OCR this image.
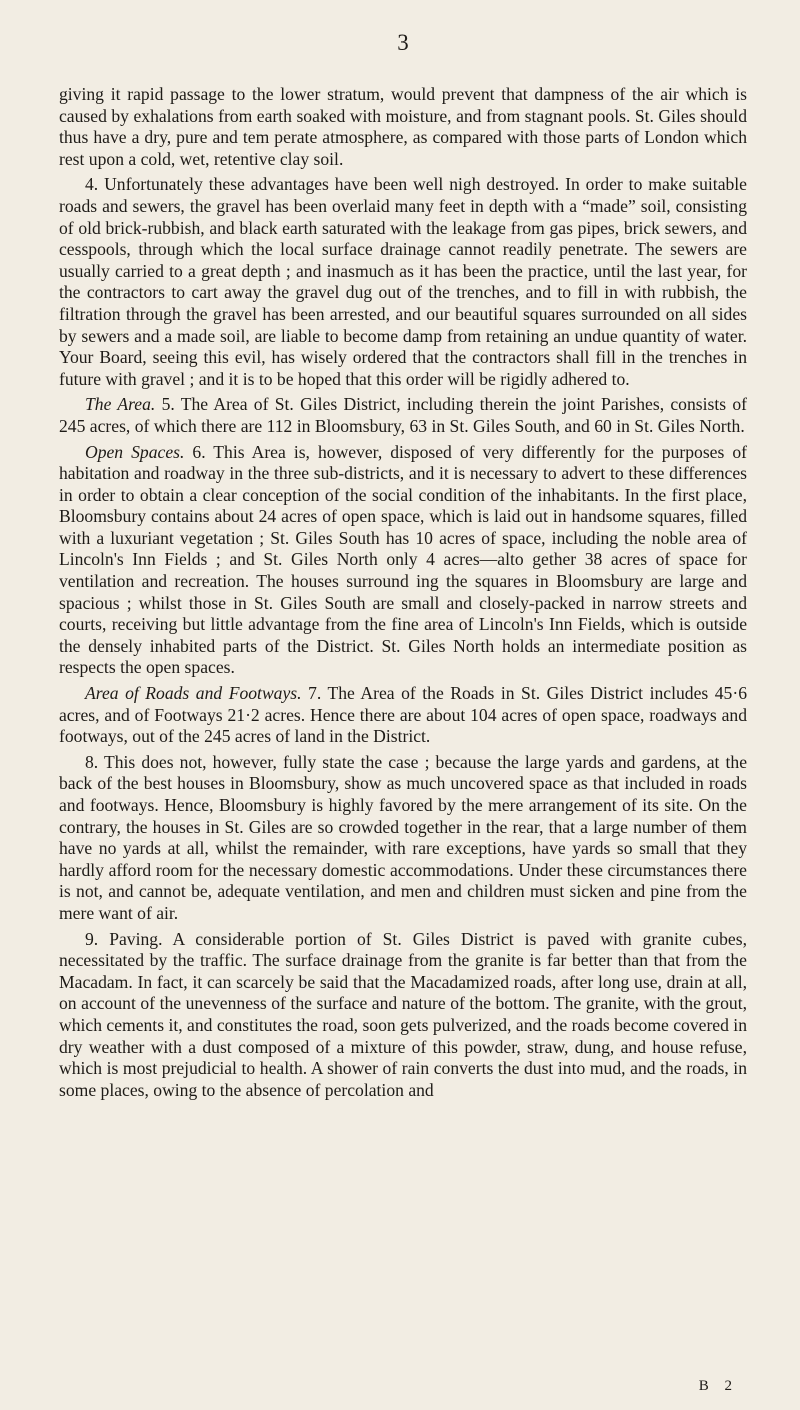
3

giving it rapid passage to the lower stratum, would prevent that dampness of the air which is caused by exhalations from earth soaked with moisture, and from stagnant pools. St. Giles should thus have a dry, pure and tem perate atmosphere, as compared with those parts of London which rest upon a cold, wet, retentive clay soil.

4. Unfortunately these advantages have been well nigh destroyed. In order to make suitable roads and sewers, the gravel has been overlaid many feet in depth with a “made” soil, consisting of old brick-rubbish, and black earth saturated with the leakage from gas pipes, brick sewers, and cesspools, through which the local surface drainage cannot readily penetrate. The sewers are usually carried to a great depth ; and inasmuch as it has been the practice, until the last year, for the contractors to cart away the gravel dug out of the trenches, and to fill in with rubbish, the filtration through the gravel has been arrested, and our beautiful squares surrounded on all sides by sewers and a made soil, are liable to become damp from retaining an undue quantity of water. Your Board, seeing this evil, has wisely ordered that the contractors shall fill in the trenches in future with gravel ; and it is to be hoped that this order will be rigidly adhered to.

The Area. 5. The Area of St. Giles District, including therein the joint Parishes, consists of 245 acres, of which there are 112 in Bloomsbury, 63 in St. Giles South, and 60 in St. Giles North.

Open Spaces. 6. This Area is, however, disposed of very differently for the purposes of habitation and roadway in the three sub-districts, and it is necessary to advert to these differences in order to obtain a clear conception of the social condition of the inhabitants. In the first place, Bloomsbury contains about 24 acres of open space, which is laid out in handsome squares, filled with a luxuriant vegetation ; St. Giles South has 10 acres of space, including the noble area of Lincoln's Inn Fields ; and St. Giles North only 4 acres—alto gether 38 acres of space for ventilation and recreation. The houses surround ing the squares in Bloomsbury are large and spacious ; whilst those in St. Giles South are small and closely-packed in narrow streets and courts, receiving but little advantage from the fine area of Lincoln's Inn Fields, which is outside the densely inhabited parts of the District. St. Giles North holds an intermediate position as respects the open spaces.

Area of Roads and Footways. 7. The Area of the Roads in St. Giles District includes 45·6 acres, and of Footways 21·2 acres. Hence there are about 104 acres of open space, roadways and footways, out of the 245 acres of land in the District.

8. This does not, however, fully state the case ; because the large yards and gardens, at the back of the best houses in Bloomsbury, show as much uncovered space as that included in roads and footways. Hence, Bloomsbury is highly favored by the mere arrangement of its site. On the contrary, the houses in St. Giles are so crowded together in the rear, that a large number of them have no yards at all, whilst the remainder, with rare exceptions, have yards so small that they hardly afford room for the necessary domestic accommodations. Under these circumstances there is not, and cannot be, adequate ventilation, and men and children must sicken and pine from the mere want of air.

9. Paving. A considerable portion of St. Giles District is paved with granite cubes, necessitated by the traffic. The surface drainage from the granite is far better than that from the Macadam. In fact, it can scarcely be said that the Macadamized roads, after long use, drain at all, on account of the unevenness of the surface and nature of the bottom. The granite, with the grout, which cements it, and constitutes the road, soon gets pulverized, and the roads become covered in dry weather with a dust composed of a mixture of this powder, straw, dung, and house refuse, which is most prejudicial to health. A shower of rain converts the dust into mud, and the roads, in some places, owing to the absence of percolation and

B 2
